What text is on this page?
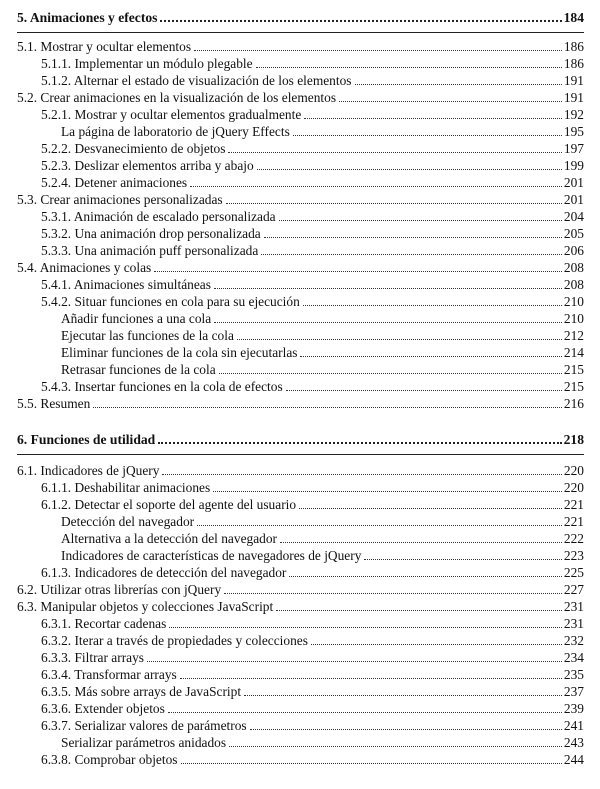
5. Animaciones y efectos	184
5.1. Mostrar y ocultar elementos	186
5.1.1. Implementar un módulo plegable	186
5.1.2. Alternar el estado de visualización de los elementos	191
5.2. Crear animaciones en la visualización de los elementos	191
5.2.1. Mostrar y ocultar elementos gradualmente	192
La página de laboratorio de jQuery Effects	195
5.2.2. Desvanecimiento de objetos	197
5.2.3. Deslizar elementos arriba y abajo	199
5.2.4. Detener animaciones	201
5.3. Crear animaciones personalizadas	201
5.3.1. Animación de escalado personalizada	204
5.3.2. Una animación drop personalizada	205
5.3.3. Una animación puff personalizada	206
5.4. Animaciones y colas	208
5.4.1. Animaciones simultáneas	208
5.4.2. Situar funciones en cola para su ejecución	210
Añadir funciones a una cola	210
Ejecutar las funciones de la cola	212
Eliminar funciones de la cola sin ejecutarlas	214
Retrasar funciones de la cola	215
5.4.3. Insertar funciones en la cola de efectos	215
5.5. Resumen	216
6. Funciones de utilidad	218
6.1. Indicadores de jQuery	220
6.1.1. Deshabilitar animaciones	220
6.1.2. Detectar el soporte del agente del usuario	221
Detección del navegador	221
Alternativa a la detección del navegador	222
Indicadores de características de navegadores de jQuery	223
6.1.3. Indicadores de detección del navegador	225
6.2. Utilizar otras librerías con jQuery	227
6.3. Manipular objetos y colecciones JavaScript	231
6.3.1. Recortar cadenas	231
6.3.2. Iterar a través de propiedades y colecciones	232
6.3.3. Filtrar arrays	234
6.3.4. Transformar arrays	235
6.3.5. Más sobre arrays de JavaScript	237
6.3.6. Extender objetos	239
6.3.7. Serializar valores de parámetros	241
Serializar parámetros anidados	243
6.3.8. Comprobar objetos	244
